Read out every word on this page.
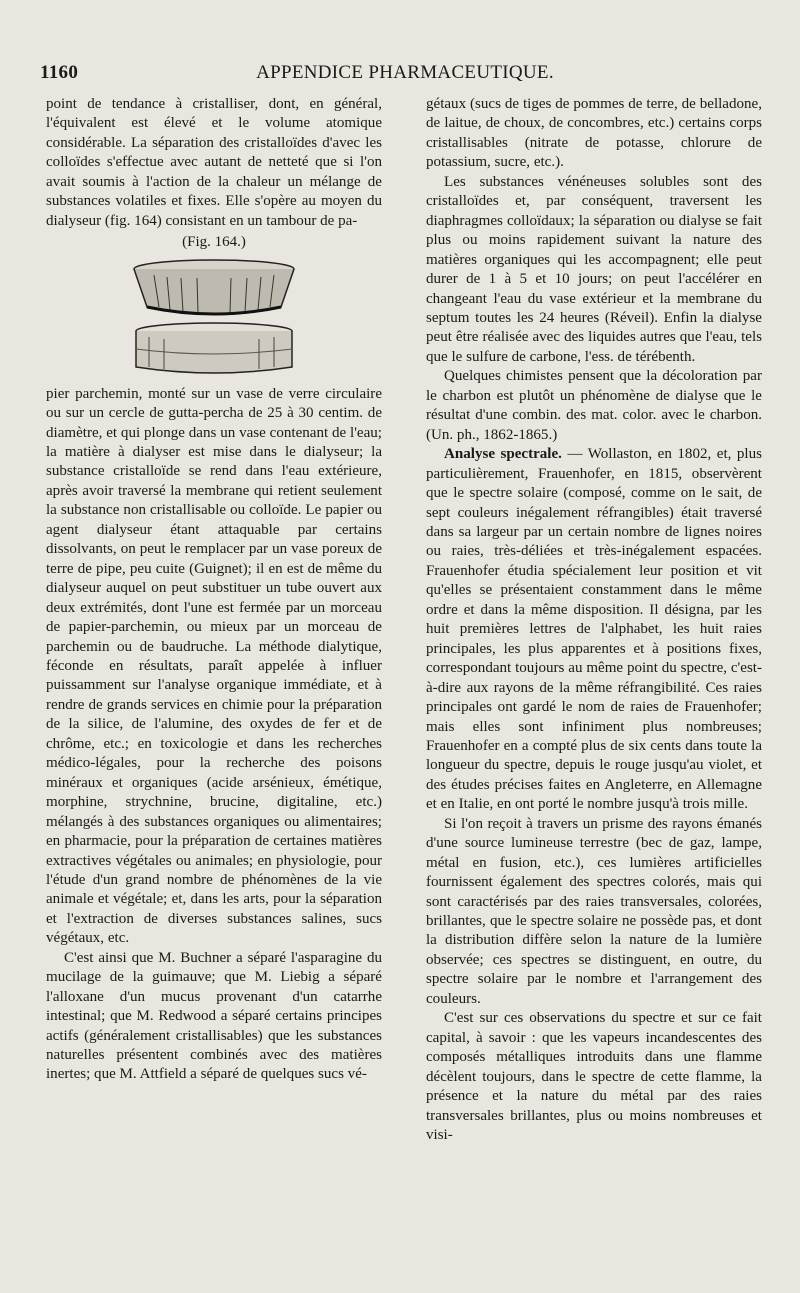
1160	APPENDICE PHARMACEUTIQUE.

point de tendance à cristalliser, dont, en général, l'équivalent est élevé et le volume atomique considérable. La séparation des cristalloïdes d'avec les colloïdes s'effectue avec autant de netteté que si l'on avait soumis à l'action de la chaleur un mélange de substances volatiles et fixes. Elle s'opère au moyen du dialyseur (fig. 164) consistant en un tambour de pa-

(Fig. 164.)

pier parchemin, monté sur un vase de verre circulaire ou sur un cercle de gutta-percha de 25 à 30 centim. de diamètre, et qui plonge dans un vase contenant de l'eau; la matière à dialyser est mise dans le dialyseur; la substance cristalloïde se rend dans l'eau extérieure, après avoir traversé la membrane qui retient seulement la substance non cristallisable ou colloïde. Le papier ou agent dialyseur étant attaquable par certains dissolvants, on peut le remplacer par un vase poreux de terre de pipe, peu cuite (Guignet); il en est de même du dialyseur auquel on peut substituer un tube ouvert aux deux extrémités, dont l'une est fermée par un morceau de papier-parchemin, ou mieux par un morceau de parchemin ou de baudruche. La méthode dialytique, féconde en résultats, paraît appelée à influer puissamment sur l'analyse organique immédiate, et à rendre de grands services en chimie pour la préparation de la silice, de l'alumine, des oxydes de fer et de chrôme, etc.; en toxicologie et dans les recherches médico-légales, pour la recherche des poisons minéraux et organiques (acide arsénieux, émétique, morphine, strychnine, brucine, digitaline, etc.) mélangés à des substances organiques ou alimentaires; en pharmacie, pour la préparation de certaines matières extractives végétales ou animales; en physiologie, pour l'étude d'un grand nombre de phénomènes de la vie animale et végétale; et, dans les arts, pour la séparation et l'extraction de diverses substances salines, sucs végétaux, etc.

C'est ainsi que M. Buchner a séparé l'asparagine du mucilage de la guimauve; que M. Liebig a séparé l'alloxane d'un mucus provenant d'un catarrhe intestinal; que M. Redwood a séparé certains principes actifs (généralement cristallisables) que les substances naturelles présentent combinés avec des matières inertes; que M. Attfield a séparé de quelques sucs vé-

gétaux (sucs de tiges de pommes de terre, de belladone, de laitue, de choux, de concombres, etc.) certains corps cristallisables (nitrate de potasse, chlorure de potassium, sucre, etc.).

Les substances vénéneuses solubles sont des cristalloïdes et, par conséquent, traversent les diaphragmes colloïdaux; la séparation ou dialyse se fait plus ou moins rapidement suivant la nature des matières organiques qui les accompagnent; elle peut durer de 1 à 5 et 10 jours; on peut l'accélérer en changeant l'eau du vase extérieur et la membrane du septum toutes les 24 heures (Réveil). Enfin la dialyse peut être réalisée avec des liquides autres que l'eau, tels que le sulfure de carbone, l'ess. de térébenth.

Quelques chimistes pensent que la décoloration par le charbon est plutôt un phénomène de dialyse que le résultat d'une combin. des mat. color. avec le charbon. (Un. ph., 1862-1865.)

Analyse spectrale. — Wollaston, en 1802, et, plus particulièrement, Frauenhofer, en 1815, observèrent que le spectre solaire (composé, comme on le sait, de sept couleurs inégalement réfrangibles) était traversé dans sa largeur par un certain nombre de lignes noires ou raies, très-déliées et très-inégalement espacées. Frauenhofer étudia spécialement leur position et vit qu'elles se présentaient constamment dans le même ordre et dans la même disposition. Il désigna, par les huit premières lettres de l'alphabet, les huit raies principales, les plus apparentes et à positions fixes, correspondant toujours au même point du spectre, c'est-à-dire aux rayons de la même réfrangibilité. Ces raies principales ont gardé le nom de raies de Frauenhofer; mais elles sont infiniment plus nombreuses; Frauenhofer en a compté plus de six cents dans toute la longueur du spectre, depuis le rouge jusqu'au violet, et des études précises faites en Angleterre, en Allemagne et en Italie, en ont porté le nombre jusqu'à trois mille.

Si l'on reçoit à travers un prisme des rayons émanés d'une source lumineuse terrestre (bec de gaz, lampe, métal en fusion, etc.), ces lumières artificielles fournissent également des spectres colorés, mais qui sont caractérisés par des raies transversales, colorées, brillantes, que le spectre solaire ne possède pas, et dont la distribution diffère selon la nature de la lumière observée; ces spectres se distinguent, en outre, du spectre solaire par le nombre et l'arrangement des couleurs.

C'est sur ces observations du spectre et sur ce fait capital, à savoir : que les vapeurs incandescentes des composés métalliques introduits dans une flamme décèlent toujours, dans le spectre de cette flamme, la présence et la nature du métal par des raies transversales brillantes, plus ou moins nombreuses et visi-
